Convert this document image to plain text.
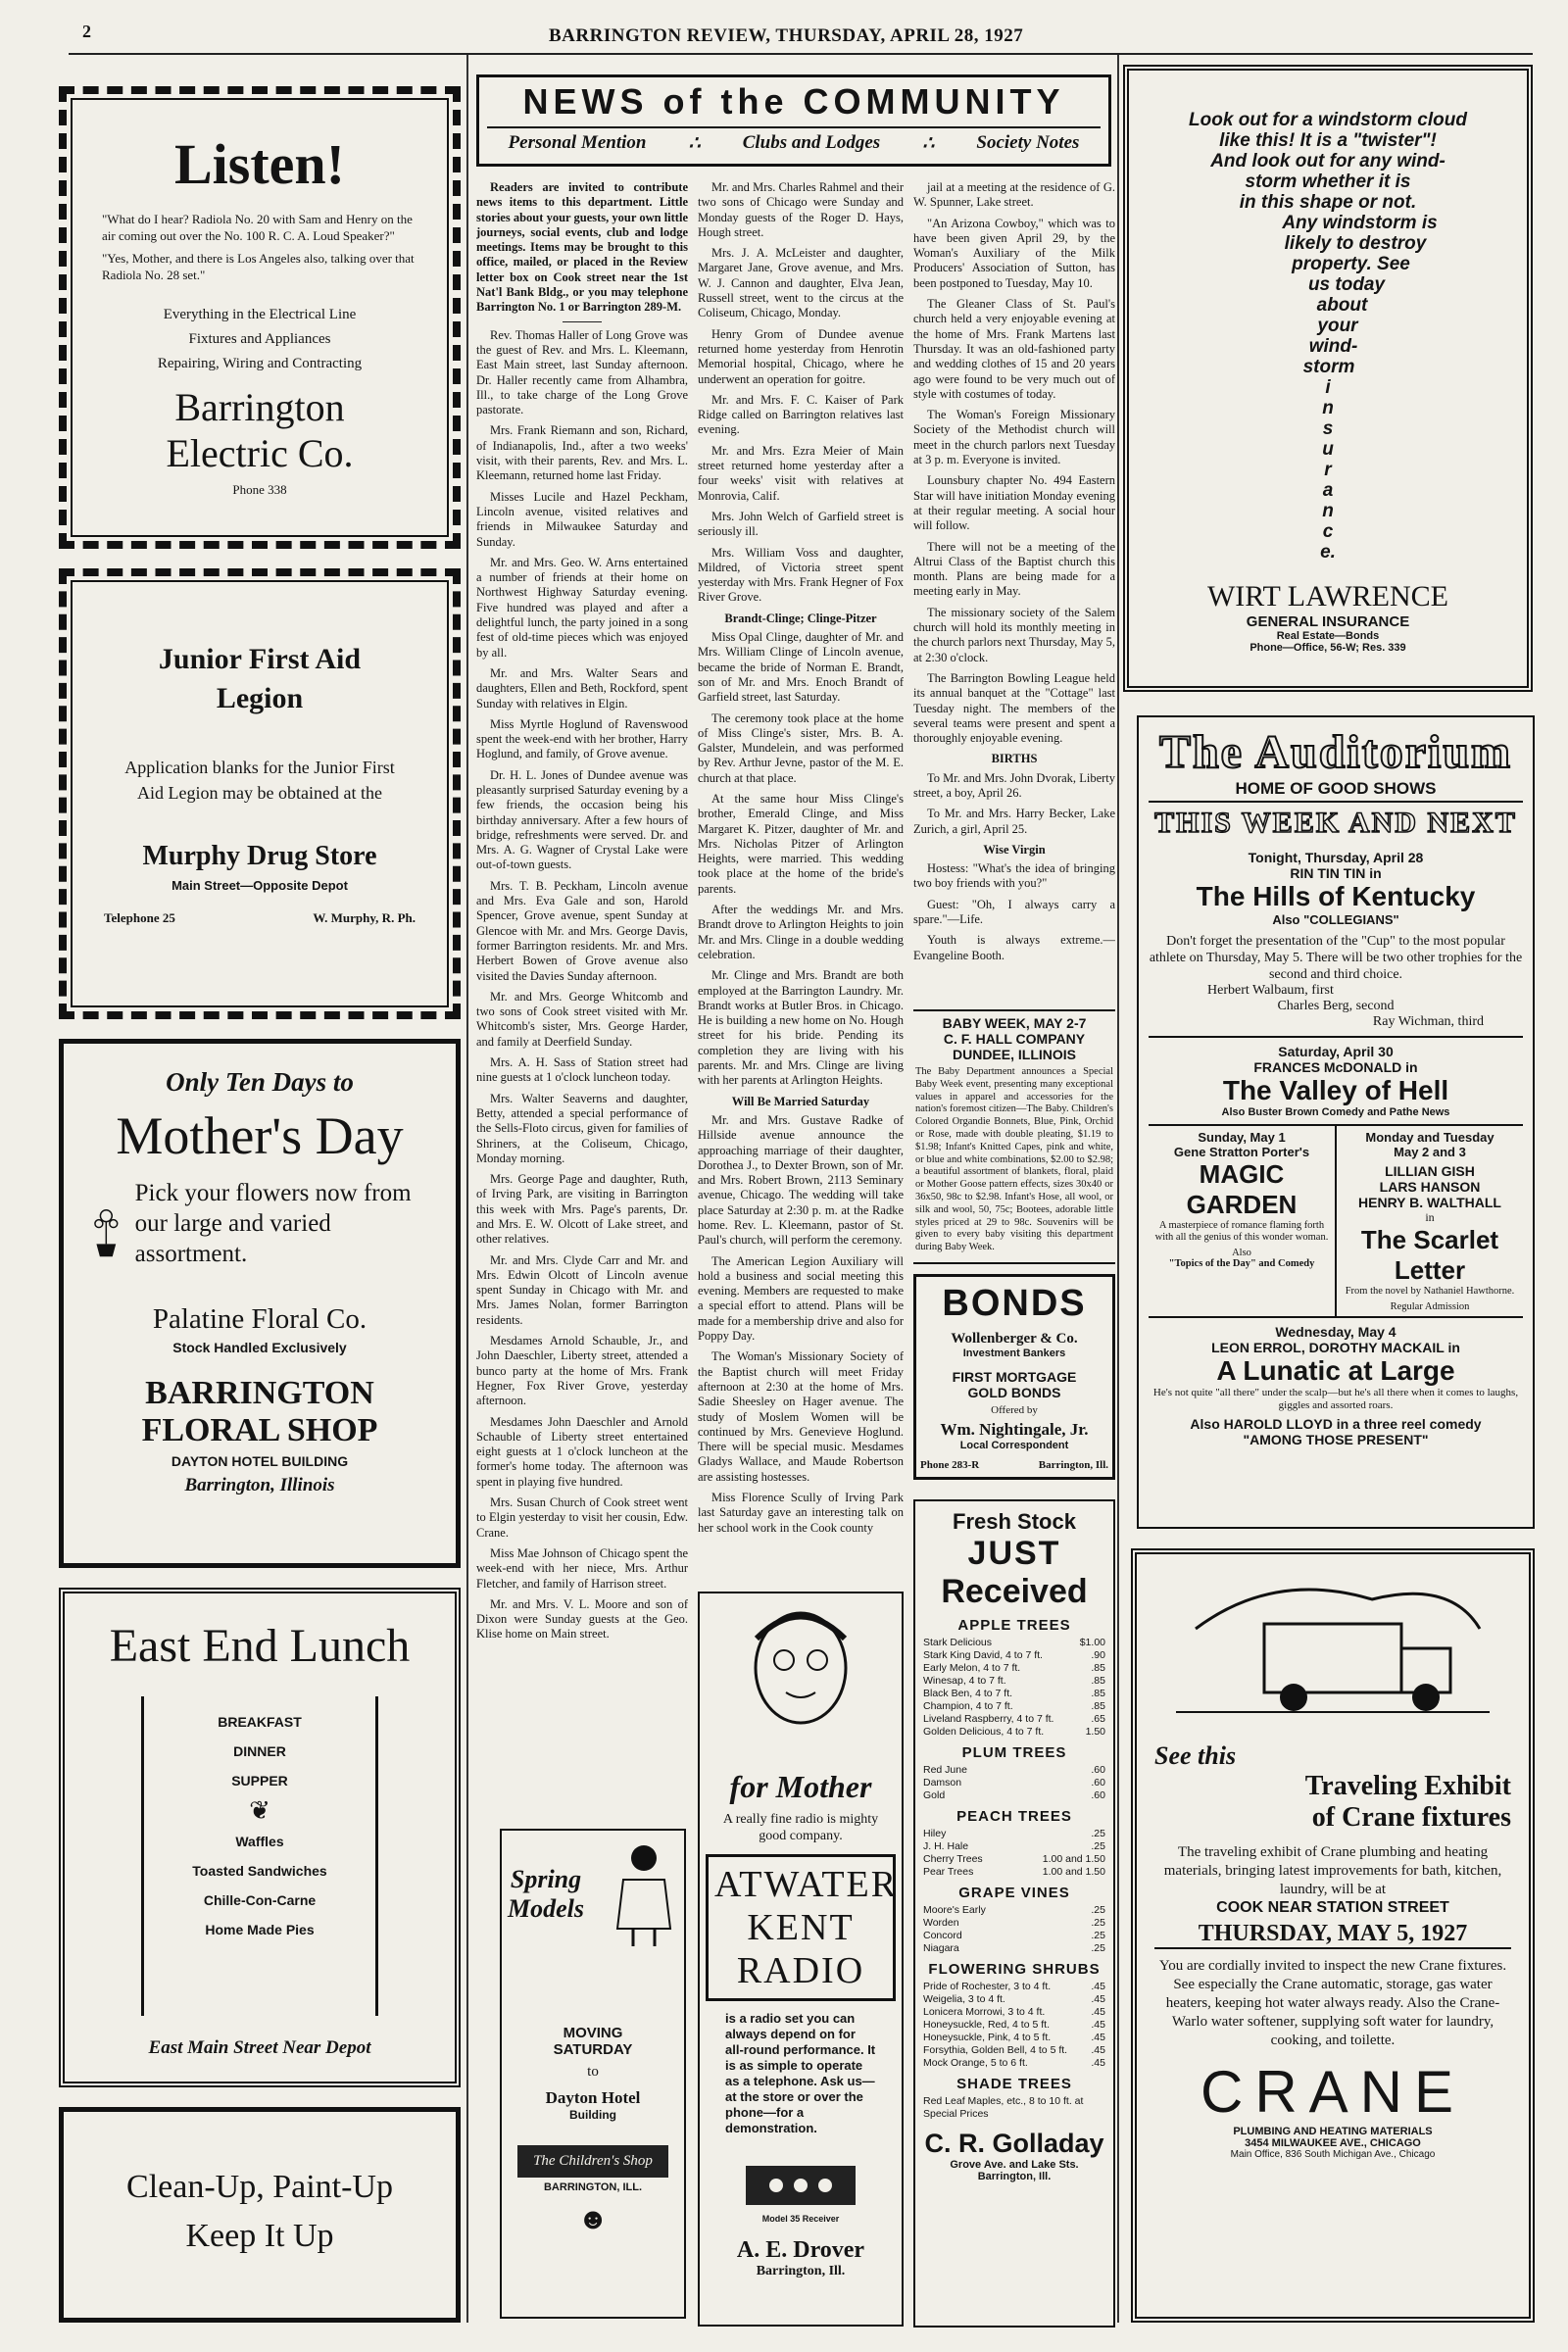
2	BARRINGTON REVIEW, THURSDAY, APRIL 28, 1927
Listen!

"What do I hear? Radiola No. 20 with Sam and Henry on the air coming out over the No. 100 R. C. A. Loud Speaker?"

"Yes, Mother, and there is Los Angeles also, talking over that Radiola No. 28 set."

Everything in the Electrical Line

Fixtures and Appliances

Repairing, Wiring and Contracting

Barrington

Electric Co.

Phone 338

Junior First Aid

Legion

Application blanks for the Junior First Aid Legion may be obtained at the

Murphy Drug Store

Main Street—Opposite Depot

Telephone 25	W. Murphy, R. Ph.

Only Ten Days to

Mother's Day

Pick your flowers now from our large and varied assortment.

Palatine Floral Co.

Stock Handled Exclusively

BARRINGTON

FLORAL SHOP

DAYTON HOTEL BUILDING

Barrington, Illinois

East End Lunch

BREAKFAST

DINNER

SUPPER

❦

Waffles

Toasted Sandwiches

Chille-Con-Carne

Home Made Pies

East Main Street Near Depot

Clean-Up, Paint-Up

Keep It Up

NEWS of the COMMUNITY

Personal Mention ∴ Clubs and Lodges ∴ Society Notes

Readers are invited to contribute news items to this department. Little stories about your guests, your own little journeys, social events, club and lodge meetings. Items may be brought to this office, mailed, or placed in the Review letter box on Cook street near the 1st Nat'l Bank Bldg., or you may telephone Barrington No. 1 or Barrington 289-M.

Rev. Thomas Haller of Long Grove was the guest of Rev. and Mrs. L. Kleemann, East Main street, last Sunday afternoon. Dr. Haller recently came from Alhambra, Ill., to take charge of the Long Grove pastorate.

Mrs. Frank Riemann and son, Richard, of Indianapolis, Ind., after a two weeks' visit, with their parents, Rev. and Mrs. L. Kleemann, returned home last Friday.

Misses Lucile and Hazel Peckham, Lincoln avenue, visited relatives and friends in Milwaukee Saturday and Sunday.

Mr. and Mrs. Geo. W. Arns entertained a number of friends at their home on Northwest Highway Saturday evening. Five hundred was played and after a delightful lunch, the party joined in a song fest of old-time pieces which was enjoyed by all.

Mr. and Mrs. Walter Sears and daughters, Ellen and Beth, Rockford, spent Sunday with relatives in Elgin.

Miss Myrtle Hoglund of Ravenswood spent the week-end with her brother, Harry Hoglund, and family, of Grove avenue.

Dr. H. L. Jones of Dundee avenue was pleasantly surprised Saturday evening by a few friends, the occasion being his birthday anniversary. After a few hours of bridge, refreshments were served. Dr. and Mrs. A. G. Wagner of Crystal Lake were out-of-town guests.

Mrs. T. B. Peckham, Lincoln avenue and Mrs. Eva Gale and son, Harold Spencer, Grove avenue, spent Sunday at Glencoe with Mr. and Mrs. George Davis, former Barrington residents. Mr. and Mrs. Herbert Bowen of Grove avenue also visited the Davies Sunday afternoon.

Mr. and Mrs. George Whitcomb and two sons of Cook street visited with Mr. Whitcomb's sister, Mrs. George Harder, and family at Deerfield Sunday.

Mrs. A. H. Sass of Station street had nine guests at 1 o'clock luncheon today.

Mrs. Walter Seaverns and daughter, Betty, attended a special performance of the Sells-Floto circus, given for families of Shriners, at the Coliseum, Chicago, Monday morning.

Mrs. George Page and daughter, Ruth, of Irving Park, are visiting in Barrington this week with Mrs. Page's parents, Dr. and Mrs. E. W. Olcott of Lake street, and other relatives.

Mr. and Mrs. Clyde Carr and Mr. and Mrs. Edwin Olcott of Lincoln avenue spent Sunday in Chicago with Mr. and Mrs. James Nolan, former Barrington residents.

Mesdames Arnold Schauble, Jr., and John Daeschler, Liberty street, attended a bunco party at the home of Mrs. Frank Hegner, Fox River Grove, yesterday afternoon.

Mesdames John Daeschler and Arnold Schauble of Liberty street entertained eight guests at 1 o'clock luncheon at the former's home today. The afternoon was spent in playing five hundred.

Mrs. Susan Church of Cook street went to Elgin yesterday to visit her cousin, Edw. Crane.

Miss Mae Johnson of Chicago spent the week-end with her niece, Mrs. Arthur Fletcher, and family of Harrison street.

Mr. and Mrs. V. L. Moore and son of Dixon were Sunday guests at the Geo. Klise home on Main street.

Mr. and Mrs. Charles Rahmel and their two sons of Chicago were Sunday and Monday guests of the Roger D. Hays, Hough street.

Mrs. J. A. McLeister and daughter, Margaret Jane, Grove avenue, and Mrs. W. J. Cannon and daughter, Elva Jean, Russell street, went to the circus at the Coliseum, Chicago, Monday.

Henry Grom of Dundee avenue returned home yesterday from Henrotin Memorial hospital, Chicago, where he underwent an operation for goitre.

Mr. and Mrs. F. C. Kaiser of Park Ridge called on Barrington relatives last evening.

Mr. and Mrs. Ezra Meier of Main street returned home yesterday after a four weeks' visit with relatives at Monrovia, Calif.

Mrs. John Welch of Garfield street is seriously ill.

Mrs. William Voss and daughter, Mildred, of Victoria street spent yesterday with Mrs. Frank Hegner of Fox River Grove.

Brandt-Clinge; Clinge-Pitzer

Miss Opal Clinge, daughter of Mr. and Mrs. William Clinge of Lincoln avenue, became the bride of Norman E. Brandt, son of Mr. and Mrs. Enoch Brandt of Garfield street, last Saturday.

The ceremony took place at the home of Miss Clinge's sister, Mrs. B. A. Galster, Mundelein, and was performed by Rev. Arthur Jevne, pastor of the M. E. church at that place.

At the same hour Miss Clinge's brother, Emerald Clinge, and Miss Margaret K. Pitzer, daughter of Mr. and Mrs. Nicholas Pitzer of Arlington Heights, were married. This wedding took place at the home of the bride's parents.

After the weddings Mr. and Mrs. Brandt drove to Arlington Heights to join Mr. and Mrs. Clinge in a double wedding celebration.

Mr. Clinge and Mrs. Brandt are both employed at the Barrington Laundry. Mr. Brandt works at Butler Bros. in Chicago. He is building a new home on No. Hough street for his bride. Pending its completion they are living with his parents. Mr. and Mrs. Clinge are living with her parents at Arlington Heights.

Will Be Married Saturday

Mr. and Mrs. Gustave Radke of Hillside avenue announce the approaching marriage of their daughter, Dorothea J., to Dexter Brown, son of Mr. and Mrs. Robert Brown, 2113 Seminary avenue, Chicago. The wedding will take place Saturday at 2:30 p. m. at the Radke home. Rev. L. Kleemann, pastor of St. Paul's church, will perform the ceremony.

The American Legion Auxiliary will hold a business and social meeting this evening. Members are requested to make a special effort to attend. Plans will be made for a membership drive and also for Poppy Day.

The Woman's Missionary Society of the Baptist church will meet Friday afternoon at 2:30 at the home of Mrs. Sadie Sheesley on Hager avenue. The study of Moslem Women will be continued by Mrs. Genevieve Hoglund. There will be special music. Mesdames Gladys Wallace, and Maude Robertson are assisting hostesses.

Miss Florence Scully of Irving Park last Saturday gave an interesting talk on her school work in the Cook county

jail at a meeting at the residence of G. W. Spunner, Lake street.

"An Arizona Cowboy," which was to have been given April 29, by the Woman's Auxiliary of the Milk Producers' Association of Sutton, has been postponed to Tuesday, May 10.

The Gleaner Class of St. Paul's church held a very enjoyable evening at the home of Mrs. Frank Martens last Thursday. It was an old-fashioned party and wedding clothes of 15 and 20 years ago were found to be very much out of style with costumes of today.

The Woman's Foreign Missionary Society of the Methodist church will meet in the church parlors next Tuesday at 3 p. m. Everyone is invited.

Lounsbury chapter No. 494 Eastern Star will have initiation Monday evening at their regular meeting. A social hour will follow.

There will not be a meeting of the Altrui Class of the Baptist church this month. Plans are being made for a meeting early in May.

The missionary society of the Salem church will hold its monthly meeting in the church parlors next Thursday, May 5, at 2:30 o'clock.

The Barrington Bowling League held its annual banquet at the "Cottage" last Tuesday night. The members of the several teams were present and spent a thoroughly enjoyable evening.

BIRTHS

To Mr. and Mrs. John Dvorak, Liberty street, a boy, April 26.

To Mr. and Mrs. Harry Becker, Lake Zurich, a girl, April 25.

Wise Virgin

Hostess: "What's the idea of bringing two boy friends with you?"

Guest: "Oh, I always carry a spare."—Life.

Youth is always extreme.—Evangeline Booth.

BABY WEEK, MAY 2-7

C. F. HALL COMPANY

DUNDEE, ILLINOIS

The Baby Department announces a Special Baby Week event, presenting many exceptional values in apparel and accessories for the nation's foremost citizen—The Baby. Children's Colored Organdie Bonnets, Blue, Pink, Orchid or Rose, made with double pleating, $1.19 to $1.98; Infant's Knitted Capes, pink and white, or blue and white combinations, $2.00 to $2.98; a beautiful assortment of blankets, floral, plaid or Mother Goose pattern effects, sizes 30x40 or 36x50, 98c to $2.98. Infant's Hose, all wool, or silk and wool, 50, 75c; Bootees, adorable little styles priced at 29 to 98c. Souvenirs will be given to every baby visiting this department during Baby Week.

BONDS

Wollenberger & Co.

Investment Bankers

FIRST MORTGAGE

GOLD BONDS

Offered by

Wm. Nightingale, Jr.

Local Correspondent

Phone 283-R	Barrington, Ill.

Spring

Models

MOVING

SATURDAY

to

Dayton Hotel

Building

The Children's Shop

BARRINGTON, ILL.

☻

for Mother

A really fine radio is mighty good company.

ATWATER

KENT

RADIO

is a radio set you can always depend on for all-round performance. It is as simple to operate as a telephone. Ask us—at the store or over the phone—for a demonstration.

Model 35 Receiver

A. E. Drover

Barrington, Ill.

Fresh Stock

JUST

Received

APPLE TREES
Stark Delicious	$1.00
Stark King David, 4 to 7 ft.	.90
Early Melon, 4 to 7 ft.	.85
Winesap, 4 to 7 ft.	.85
Black Ben, 4 to 7 ft.	.85
Champion, 4 to 7 ft.	.85
Liveland Raspberry, 4 to 7 ft.	.65
Golden Delicious, 4 to 7 ft.	1.50
PLUM TREES
Red June	.60
Damson	.60
Gold	.60
PEACH TREES
Hiley	.25
J. H. Hale	.25
Cherry Trees	1.00 and 1.50
Pear Trees	1.00 and 1.50
GRAPE VINES
Moore's Early	.25
Worden	.25
Concord	.25
Niagara	.25
FLOWERING SHRUBS
Pride of Rochester, 3 to 4 ft.	.45
Weigelia, 3 to 4 ft.	.45
Lonicera Morrowi, 3 to 4 ft.	.45
Honeysuckle, Red, 4 to 5 ft.	.45
Honeysuckle, Pink, 4 to 5 ft.	.45
Forsythia, Golden Bell, 4 to 5 ft. .45
Mock Orange, 5 to 6 ft.	.45
SHADE TREES
Red Leaf Maples, etc., 8 to 10 ft. at
Special Prices

C. R. Golladay

Grove Ave. and Lake Sts.

Barrington, Ill.

Look out for a windstorm cloud
like this! It is a "twister"!
And look out for any wind-
storm whether it is
in this shape or not.
Any windstorm is
likely to destroy
property. See
us today
about
your
wind-
storm
i
n
s
u
r
a
n
c
e.

WIRT LAWRENCE

GENERAL INSURANCE

Real Estate—Bonds

Phone—Office, 56-W; Res. 339

The Auditorium

HOME OF GOOD SHOWS

THIS WEEK AND NEXT

Tonight, Thursday, April 28

RIN TIN TIN in

The Hills of Kentucky

Also "COLLEGIANS"

Don't forget the presentation of the "Cup" to the most popular athlete on Thursday, May 5. There will be two other trophies for the second and third choice.

Herbert Walbaum, first

Charles Berg, second

Ray Wichman, third

Saturday, April 30

FRANCES McDONALD in

The Valley of Hell

Also Buster Brown Comedy and Pathe News

Sunday, May 1

Gene Stratton Porter's

MAGIC

GARDEN

A masterpiece of romance flaming forth with all the genius of this wonder woman.

Also

"Topics of the Day" and Comedy

Monday and Tuesday

May 2 and 3

LILLIAN GISH

LARS HANSON

HENRY B. WALTHALL

in

The Scarlet

Letter

From the novel by Nathaniel Hawthorne.

Regular Admission

Wednesday, May 4

LEON ERROL, DOROTHY MACKAIL in

A Lunatic at Large

He's not quite "all there" under the scalp—but he's all there when it comes to laughs, giggles and assorted roars.

Also HAROLD LLOYD in a three reel comedy

"AMONG THOSE PRESENT"

See this

Traveling Exhibit

of Crane fixtures

The traveling exhibit of Crane plumbing and heating materials, bringing latest improvements for bath, kitchen, laundry, will be at

COOK NEAR STATION STREET

THURSDAY, MAY 5, 1927

You are cordially invited to inspect the new Crane fixtures. See especially the Crane automatic, storage, gas water heaters, keeping hot water always ready. Also the Crane-Warlo water softener, supplying soft water for laundry, cooking, and toilette.

CRANE

PLUMBING AND HEATING MATERIALS

3454 MILWAUKEE AVE., CHICAGO

Main Office, 836 South Michigan Ave., Chicago
